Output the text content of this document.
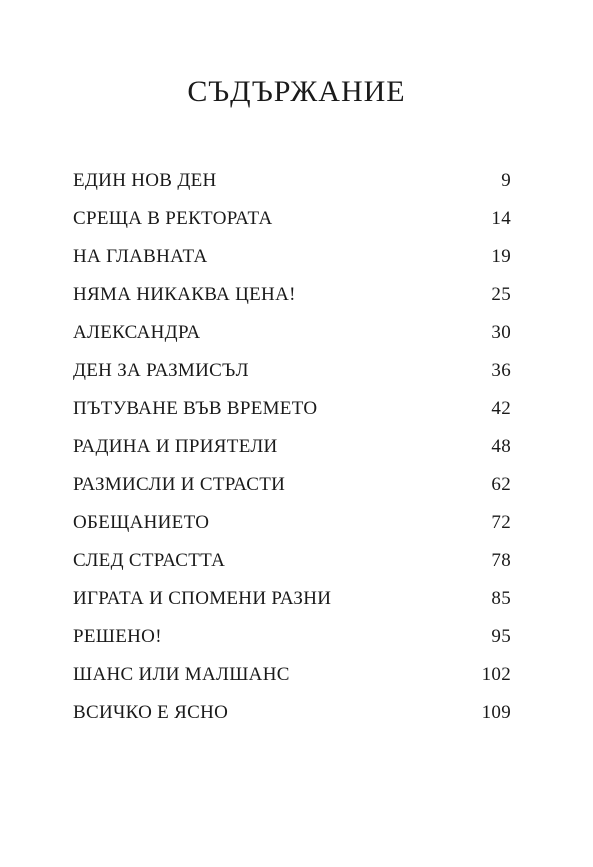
СЪДЪРЖАНИЕ
ЕДИН НОВ ДЕН	9
СРЕЩА В РЕКТОРАТА	14
НА ГЛАВНАТА	19
НЯМА НИКАКВА ЦЕНА!	25
АЛЕКСАНДРА	30
ДЕН ЗА РАЗМИСЪЛ	36
ПЪТУВАНЕ ВЪВ ВРЕМЕТО	42
РАДИНА И ПРИЯТЕЛИ	48
РАЗМИСЛИ И СТРАСТИ	62
ОБЕЩАНИЕТО	72
СЛЕД СТРАСТТА	78
ИГРАТА И СПОМЕНИ РАЗНИ	85
РЕШЕНО!	95
ШАНС ИЛИ МАЛШАНС	102
ВСИЧКО Е ЯСНО	109
